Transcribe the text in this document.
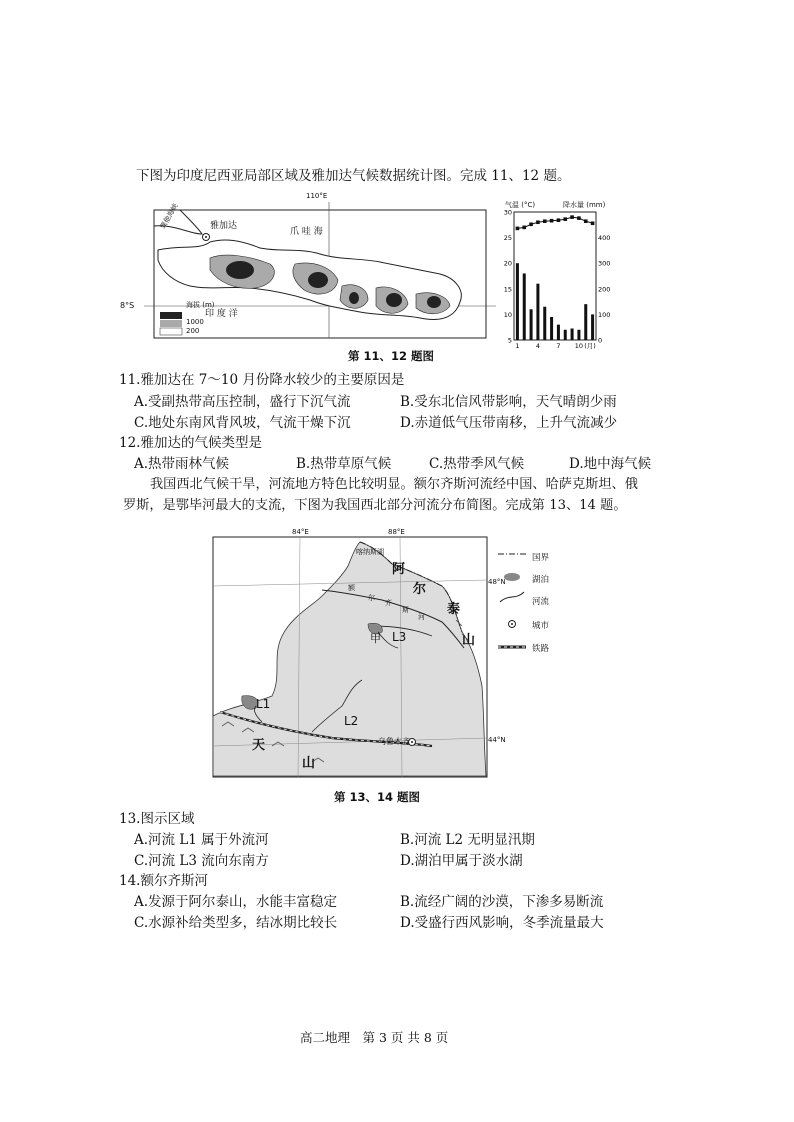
下图为印度尼西亚局部区域及雅加达气候数据统计图。完成 11、12 题。
110°E
8°S
雅加达
巽他海峡
爪 哇 海
印 度 洋
海拔 (m)
1000
200
气温 (°C)	降水量 (mm)
30
25
20
15
10
5
400
300
200
100
0
1	4	7 10 (月)
第 11、12 题图
11.雅加达在 7～10 月份降水较少的主要原因是
A.受副热带高压控制，盛行下沉气流	B.受东北信风带影响，天气晴朗少雨
C.地处东南风背风坡，气流干燥下沉	D.赤道低气压带南移，上升气流减少
12.雅加达的气候类型是
A.热带雨林气候	B.热带草原气候	C.热带季风气候	D.地中海气候
我国西北气候干旱，河流地方特色比较明显。额尔齐斯河流经中国、哈萨克斯坦、俄
罗斯，是鄂毕河最大的支流，下图为我国西北部分河流分布简图。完成第 13、14 题。
84°E	88°E
48°N
44°N
喀纳斯湖
阿
尔
泰
山
额
尔
齐
斯
河
甲 L3
L1
L2
天
山
乌鲁木齐
国界
湖泊
河流
城市
铁路
第 13、14 题图
13.图示区域
A.河流 L1 属于外流河	B.河流 L2 无明显汛期
C.河流 L3 流向东南方	D.湖泊甲属于淡水湖
14.额尔齐斯河
A.发源于阿尔泰山，水能丰富稳定	B.流经广阔的沙漠，下渗多易断流
C.水源补给类型多，结冰期比较长	D.受盛行西风影响，冬季流量最大
高二地理　第 3 页 共 8 页
